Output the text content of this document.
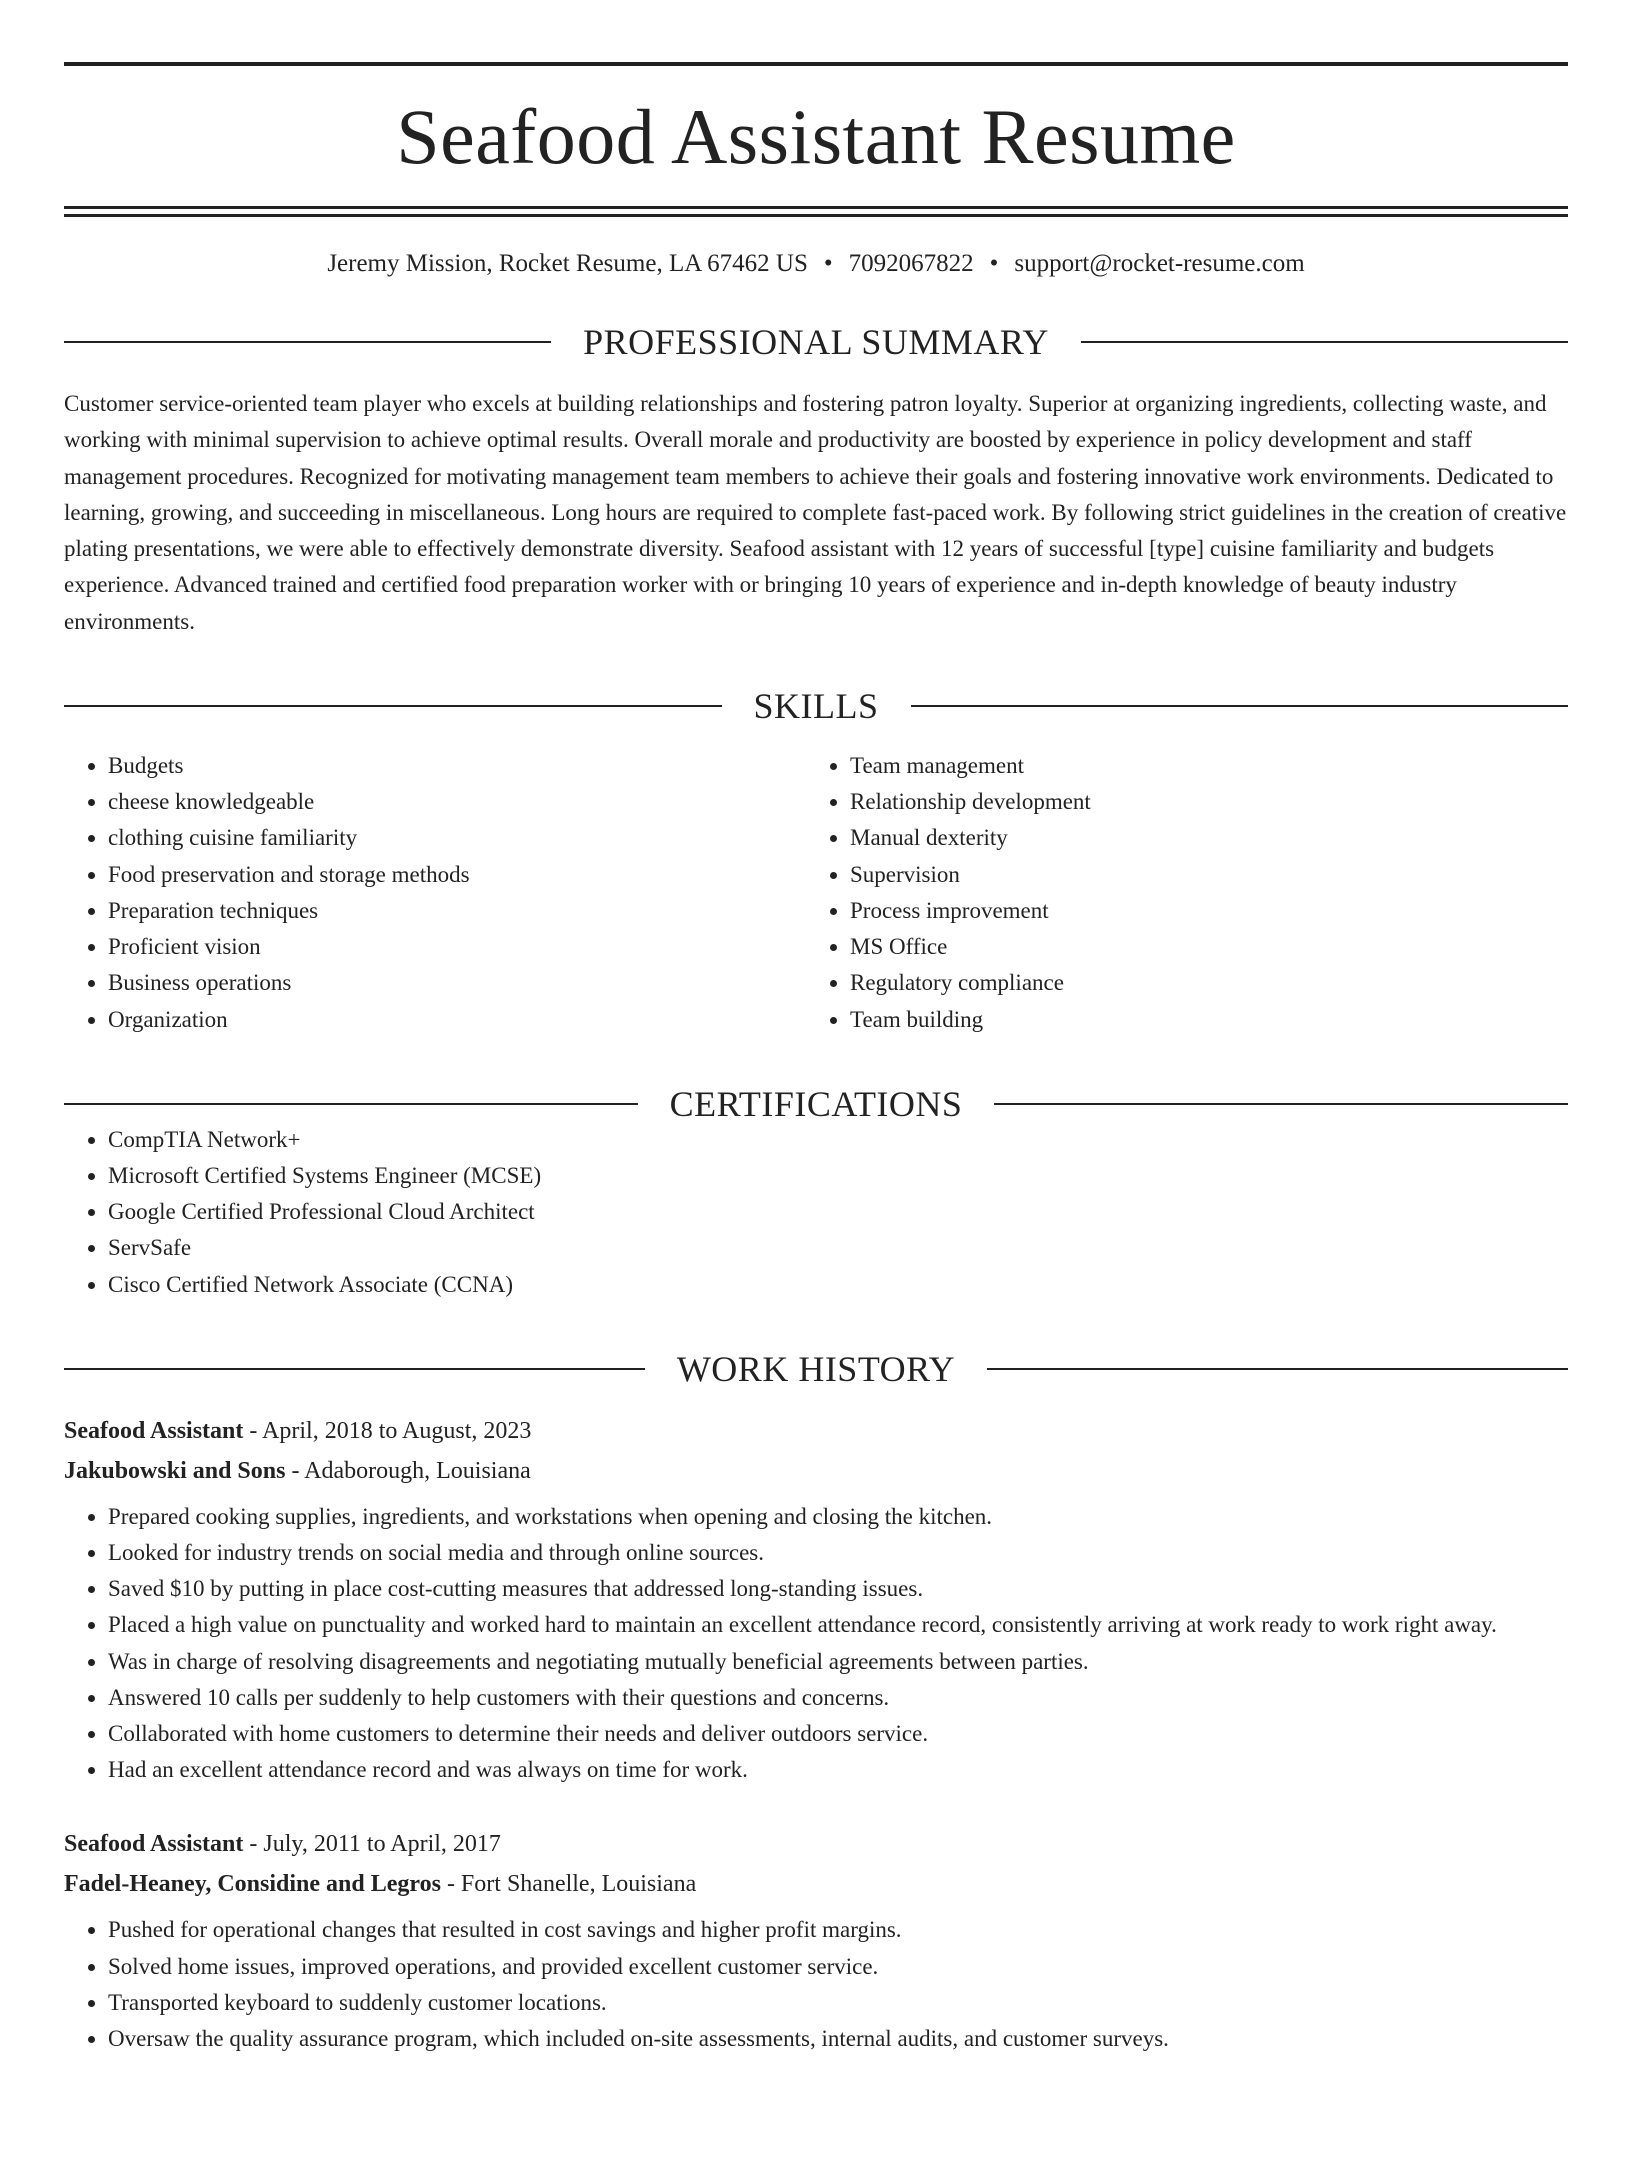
Seafood Assistant Resume
Jeremy Mission, Rocket Resume, LA 67462 US • 7092067822 • support@rocket-resume.com
PROFESSIONAL SUMMARY
Customer service-oriented team player who excels at building relationships and fostering patron loyalty. Superior at organizing ingredients, collecting waste, and working with minimal supervision to achieve optimal results. Overall morale and productivity are boosted by experience in policy development and staff management procedures. Recognized for motivating management team members to achieve their goals and fostering innovative work environments. Dedicated to learning, growing, and succeeding in miscellaneous. Long hours are required to complete fast-paced work. By following strict guidelines in the creation of creative plating presentations, we were able to effectively demonstrate diversity. Seafood assistant with 12 years of successful [type] cuisine familiarity and budgets experience. Advanced trained and certified food preparation worker with or bringing 10 years of experience and in-depth knowledge of beauty industry environments.
SKILLS
• Budgets
• cheese knowledgeable
• clothing cuisine familiarity
• Food preservation and storage methods
• Preparation techniques
• Proficient vision
• Business operations
• Organization
• Team management
• Relationship development
• Manual dexterity
• Supervision
• Process improvement
• MS Office
• Regulatory compliance
• Team building
CERTIFICATIONS
• CompTIA Network+
• Microsoft Certified Systems Engineer (MCSE)
• Google Certified Professional Cloud Architect
• ServSafe
• Cisco Certified Network Associate (CCNA)
WORK HISTORY
Seafood Assistant - April, 2018 to August, 2023
Jakubowski and Sons - Adaborough, Louisiana
• Prepared cooking supplies, ingredients, and workstations when opening and closing the kitchen.
• Looked for industry trends on social media and through online sources.
• Saved $10 by putting in place cost-cutting measures that addressed long-standing issues.
• Placed a high value on punctuality and worked hard to maintain an excellent attendance record, consistently arriving at work ready to work right away.
• Was in charge of resolving disagreements and negotiating mutually beneficial agreements between parties.
• Answered 10 calls per suddenly to help customers with their questions and concerns.
• Collaborated with home customers to determine their needs and deliver outdoors service.
• Had an excellent attendance record and was always on time for work.
Seafood Assistant - July, 2011 to April, 2017
Fadel-Heaney, Considine and Legros - Fort Shanelle, Louisiana
• Pushed for operational changes that resulted in cost savings and higher profit margins.
• Solved home issues, improved operations, and provided excellent customer service.
• Transported keyboard to suddenly customer locations.
• Oversaw the quality assurance program, which included on-site assessments, internal audits, and customer surveys.
